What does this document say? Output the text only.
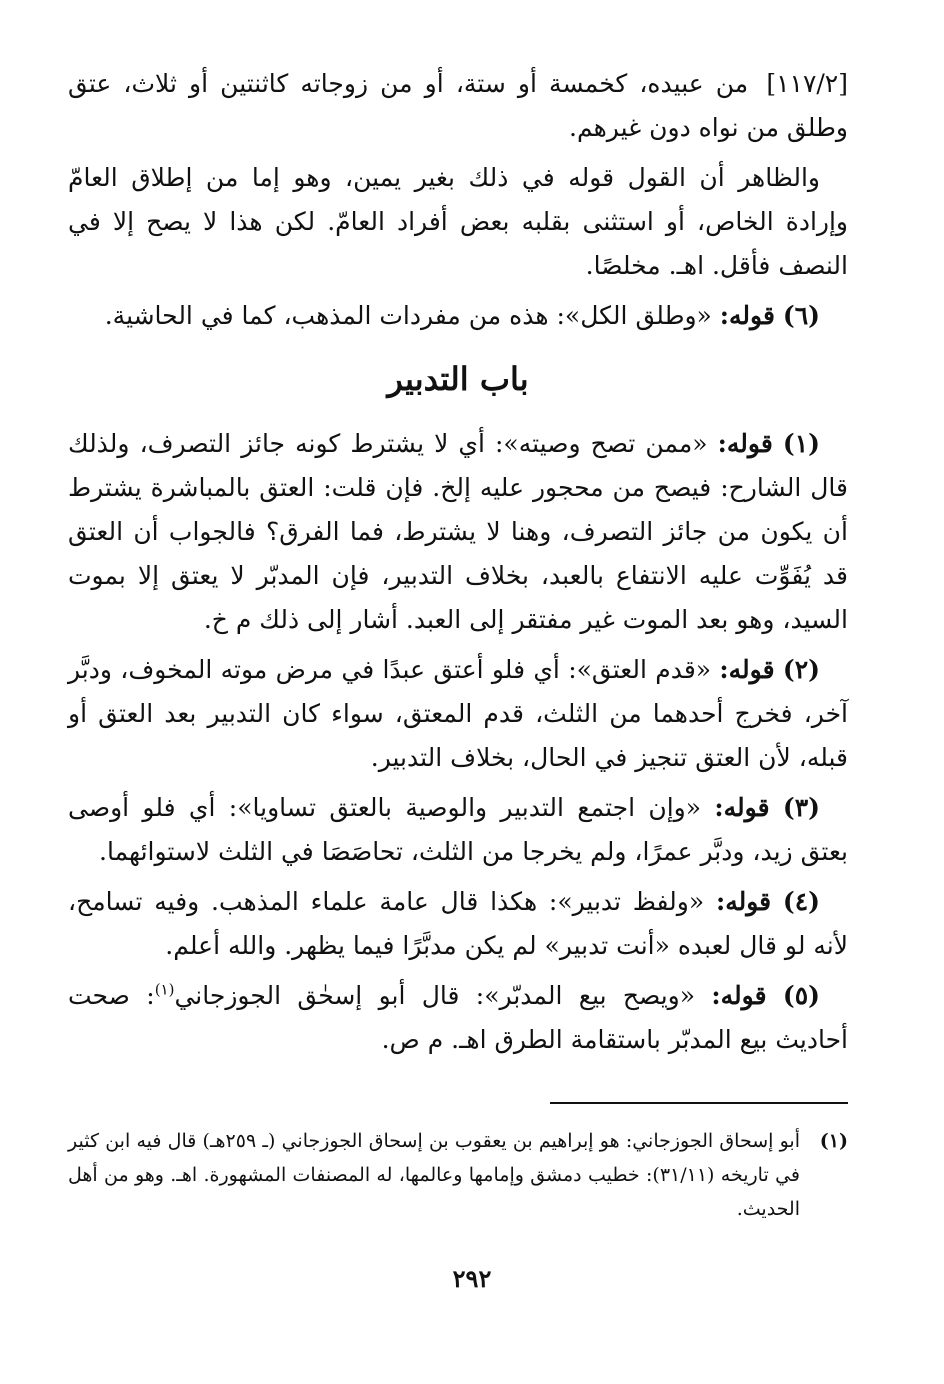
[١١٧/٢] من عبيده، كخمسة أو ستة، أو من زوجاته كاثنتين أو ثلاث، عتق وطلق من نواه دون غيرهم.

والظاهر أن القول قوله في ذلك بغير يمين، وهو إما من إطلاق العامّ وإرادة الخاص، أو استثنى بقلبه بعض أفراد العامّ. لكن هذا لا يصح إلا في النصف فأقل. اهـ. مخلصًا.

(٦) قوله: «وطلق الكل»: هذه من مفردات المذهب، كما في الحاشية.

باب التدبير

(١) قوله: «ممن تصح وصيته»: أي لا يشترط كونه جائز التصرف، ولذلك قال الشارح: فيصح من محجور عليه إلخ. فإن قلت: العتق بالمباشرة يشترط أن يكون من جائز التصرف، وهنا لا يشترط، فما الفرق؟ فالجواب أن العتق قد يُفَوِّت عليه الانتفاع بالعبد، بخلاف التدبير، فإن المدبّر لا يعتق إلا بموت السيد، وهو بعد الموت غير مفتقر إلى العبد. أشار إلى ذلك م خ.

(٢) قوله: «قدم العتق»: أي فلو أعتق عبدًا في مرض موته المخوف، ودبَّر آخر، فخرج أحدهما من الثلث، قدم المعتق، سواء كان التدبير بعد العتق أو قبله، لأن العتق تنجيز في الحال، بخلاف التدبير.

(٣) قوله: «وإن اجتمع التدبير والوصية بالعتق تساويا»: أي فلو أوصى بعتق زيد، ودبَّر عمرًا، ولم يخرجا من الثلث، تحاصَصَا في الثلث لاستوائهما.

(٤) قوله: «ولفظ تدبير»: هكذا قال عامة علماء المذهب. وفيه تسامح، لأنه لو قال لعبده «أنت تدبير» لم يكن مدبَّرًا فيما يظهر. والله أعلم.

(٥) قوله: «ويصح بيع المدبّر»: قال أبو إسحٰق الجوزجاني$^{(١)}$: صحت أحاديث بيع المدبّر باستقامة الطرق اهـ. م ص.

(١)
أبو إسحاق الجوزجاني: هو إبراهيم بن يعقوب بن إسحاق الجوزجاني (ـ ٢٥٩هـ) قال فيه ابن كثير في تاريخه (٣١/١١): خطيب دمشق وإمامها وعالمها، له المصنفات المشهورة. اهـ. وهو من أهل الحديث.
٢٩٢
